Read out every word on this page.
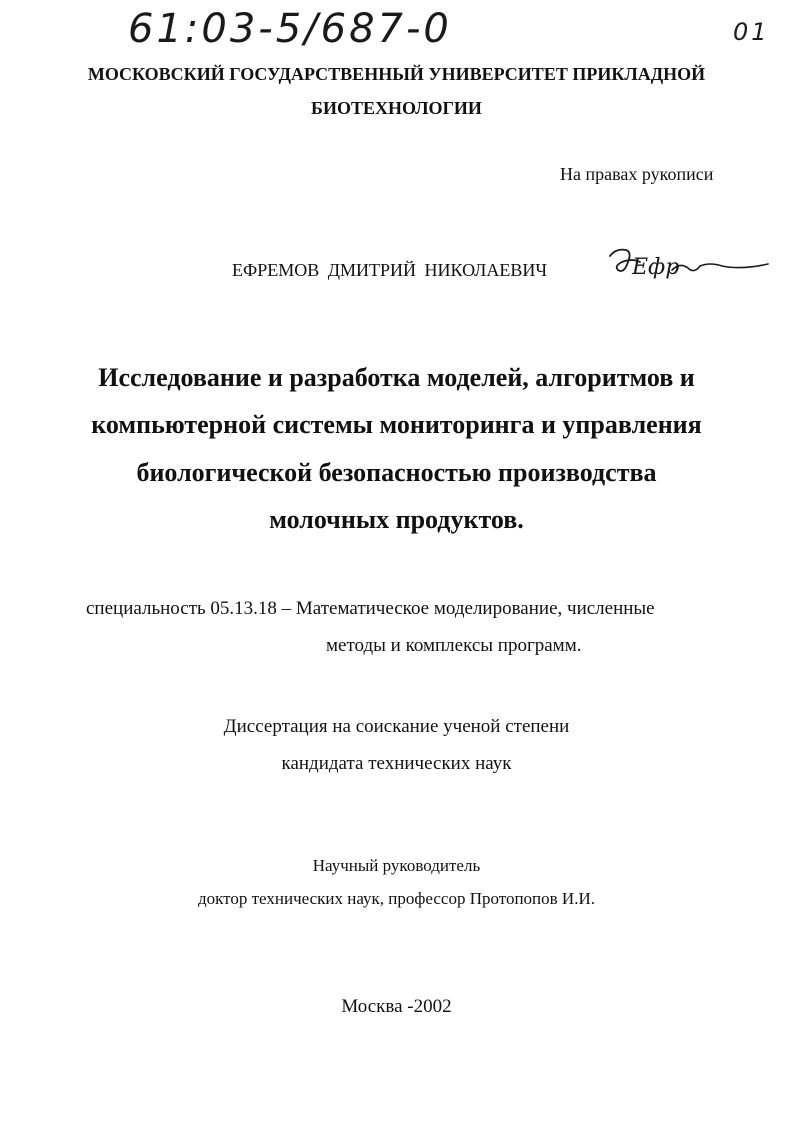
61:03-5/687-0	01
МОСКОВСКИЙ ГОСУДАРСТВЕННЫЙ УНИВЕРСИТЕТ ПРИКЛАДНОЙ
БИОТЕХНОЛОГИИ
На правах рукописи
ЕФРЕМОВ ДМИТРИЙ НИКОЛАЕВИЧ	Ефр
Исследование и разработка моделей, алгоритмов и
компьютерной системы мониторинга и управления
биологической безопасностью производства
молочных продуктов.
специальность 05.13.18 – Математическое моделирование, численные
методы и комплексы программ.
Диссертация на соискание ученой степени
кандидата технических наук
Научный руководитель
доктор технических наук, профессор Протопопов И.И.
Москва -2002
